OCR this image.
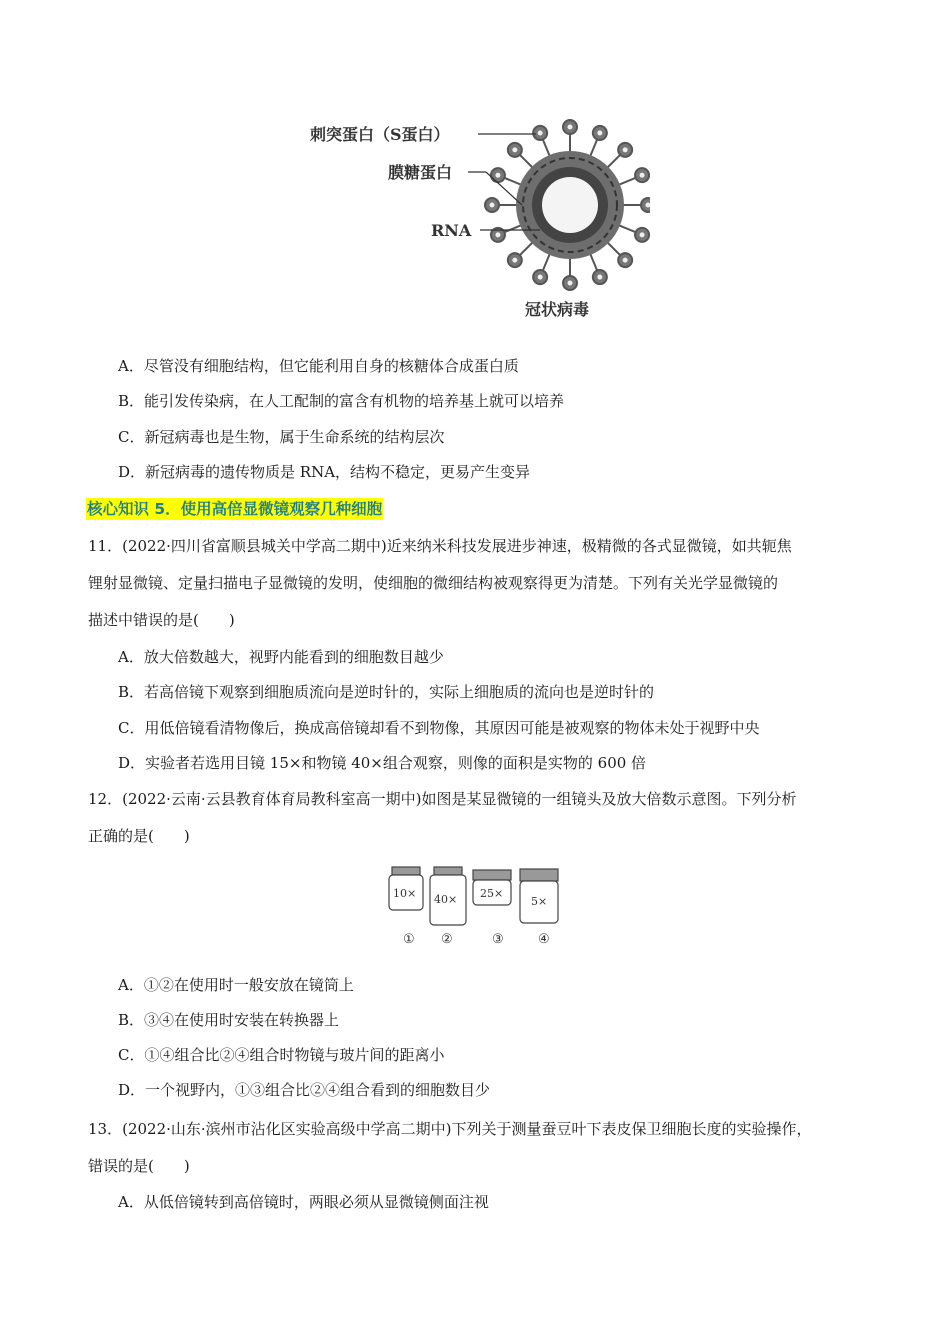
刺突蛋白（S蛋白）
膜糖蛋白
RNA
冠状病毒
A．尽管没有细胞结构，但它能利用自身的核糖体合成蛋白质
B．能引发传染病，在人工配制的富含有机物的培养基上就可以培养
C．新冠病毒也是生物，属于生命系统的结构层次
D．新冠病毒的遗传物质是 RNA，结构不稳定，更易产生变异
核心知识 5．使用高倍显微镜观察几种细胞
11．(2022·四川省富顺县城关中学高二期中)近来纳米科技发展进步神速，极精微的各式显微镜，如共轭焦
锂射显微镜、定量扫描电子显微镜的发明，使细胞的微细结构被观察得更为清楚。下列有关光学显微镜的
描述中错误的是(　　)
A．放大倍数越大，视野内能看到的细胞数目越少
B．若高倍镜下观察到细胞质流向是逆时针的，实际上细胞质的流向也是逆时针的
C．用低倍镜看清物像后，换成高倍镜却看不到物像，其原因可能是被观察的物体未处于视野中央
D．实验者若选用目镜 15×和物镜 40×组合观察，则像的面积是实物的 600 倍
12．(2022·云南·云县教育体育局教科室高一期中)如图是某显微镜的一组镜头及放大倍数示意图。下列分析
正确的是(　　)
10× 40× 25×
5×
① ②	③	④
A．①②在使用时一般安放在镜筒上
B．③④在使用时安装在转换器上
C．①④组合比②④组合时物镜与玻片间的距离小
D．一个视野内，①③组合比②④组合看到的细胞数目少
13．(2022·山东·滨州市沾化区实验高级中学高二期中)下列关于测量蚕豆叶下表皮保卫细胞长度的实验操作，
错误的是(　　)
A．从低倍镜转到高倍镜时，两眼必须从显微镜侧面注视
